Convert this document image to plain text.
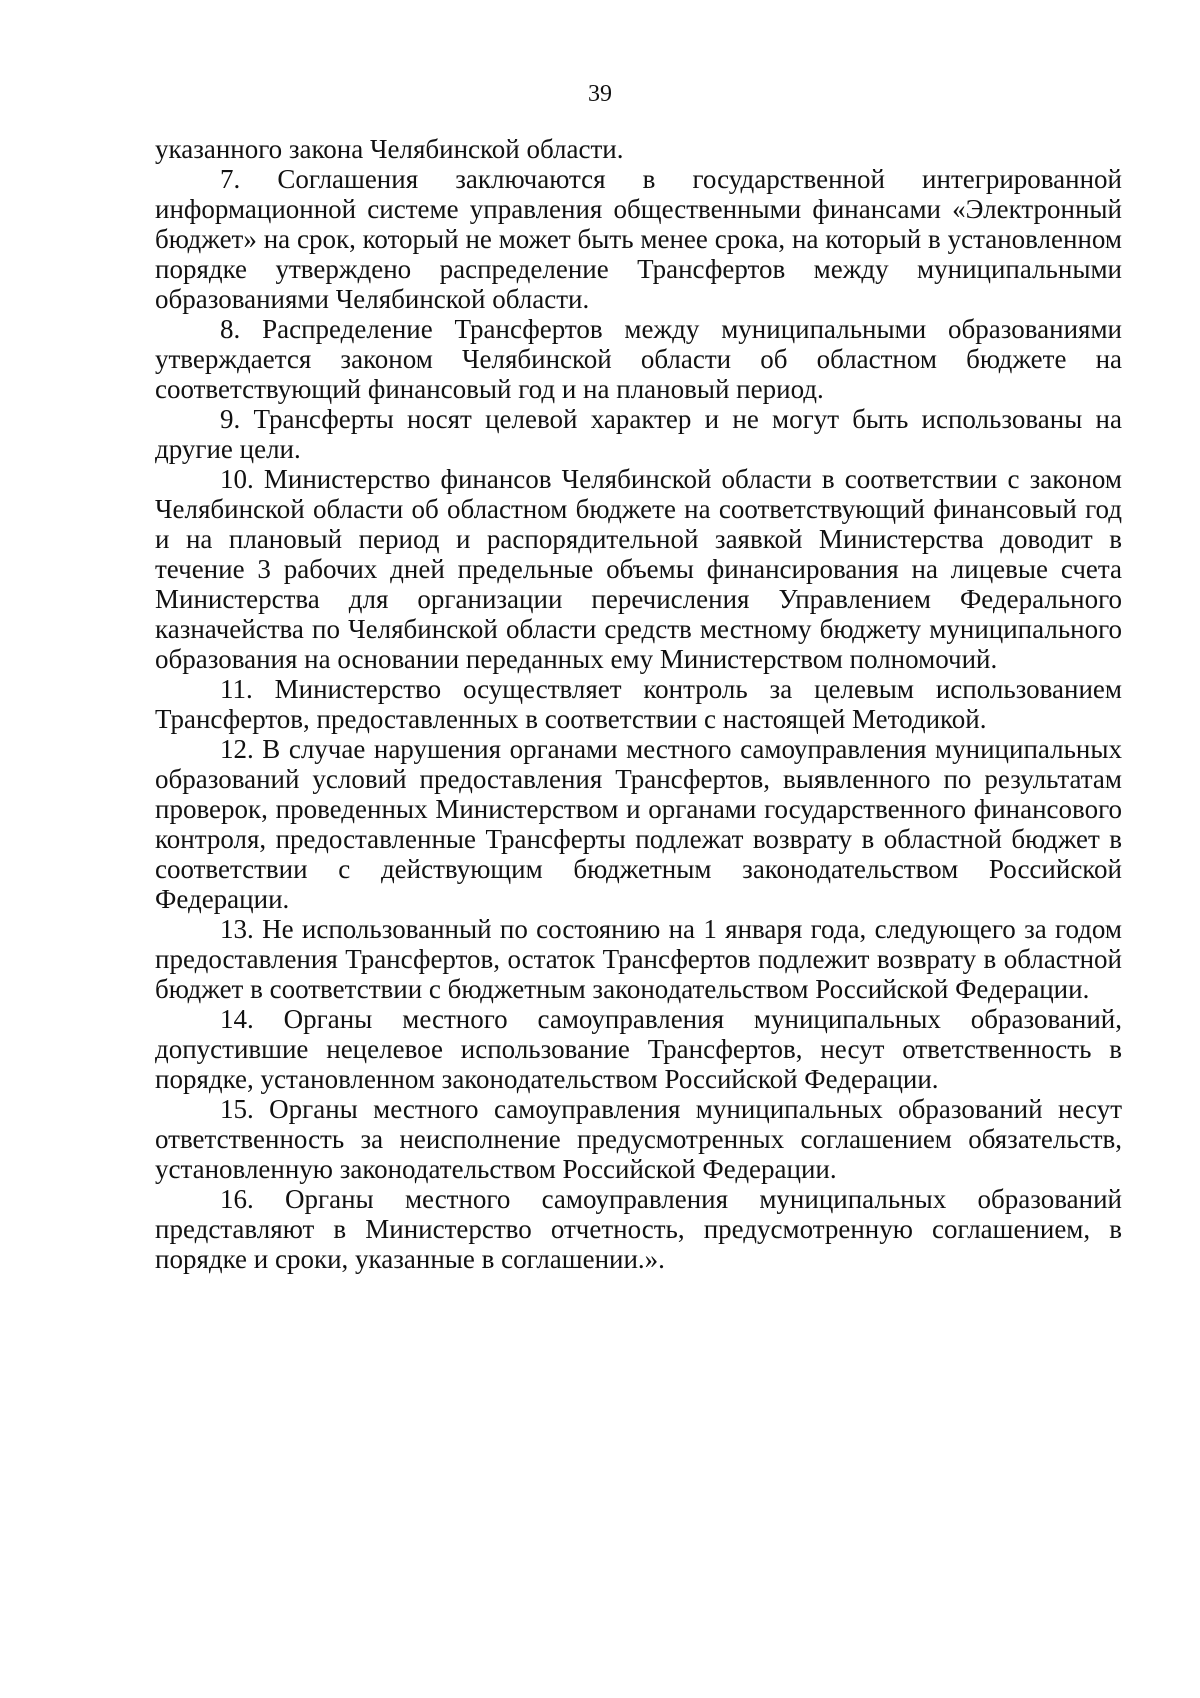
39

указанного закона Челябинской области.

7. Соглашения заключаются в государственной интегрированной информационной системе управления общественными финансами «Электронный бюджет» на срок, который не может быть менее срока, на который в установленном порядке утверждено распределение Трансфертов между муниципальными образованиями Челябинской области.

8. Распределение Трансфертов между муниципальными образованиями утверждается законом Челябинской области об областном бюджете на соответствующий финансовый год и на плановый период.

9. Трансферты носят целевой характер и не могут быть использованы на другие цели.

10. Министерство финансов Челябинской области в соответствии с законом Челябинской области об областном бюджете на соответствующий финансовый год и на плановый период и распорядительной заявкой Министерства доводит в течение 3 рабочих дней предельные объемы финансирования на лицевые счета Министерства для организации перечисления Управлением Федерального казначейства по Челябинской области средств местному бюджету муниципального образования на основании переданных ему Министерством полномочий.

11. Министерство осуществляет контроль за целевым использованием Трансфертов, предоставленных в соответствии с настоящей Методикой.

12. В случае нарушения органами местного самоуправления муниципальных образований условий предоставления Трансфертов, выявленного по результатам проверок, проведенных Министерством и органами государственного финансового контроля, предоставленные Трансферты подлежат возврату в областной бюджет в соответствии с действующим бюджетным законодательством Российской Федерации.

13. Не использованный по состоянию на 1 января года, следующего за годом предоставления Трансфертов, остаток Трансфертов подлежит возврату в областной бюджет в соответствии с бюджетным законодательством Российской Федерации.

14. Органы местного самоуправления муниципальных образований, допустившие нецелевое использование Трансфертов, несут ответственность в порядке, установленном законодательством Российской Федерации.

15. Органы местного самоуправления муниципальных образований несут ответственность за неисполнение предусмотренных соглашением обязательств, установленную законодательством Российской Федерации.

16. Органы местного самоуправления муниципальных образований представляют в Министерство отчетность, предусмотренную соглашением, в порядке и сроки, указанные в соглашении.».
